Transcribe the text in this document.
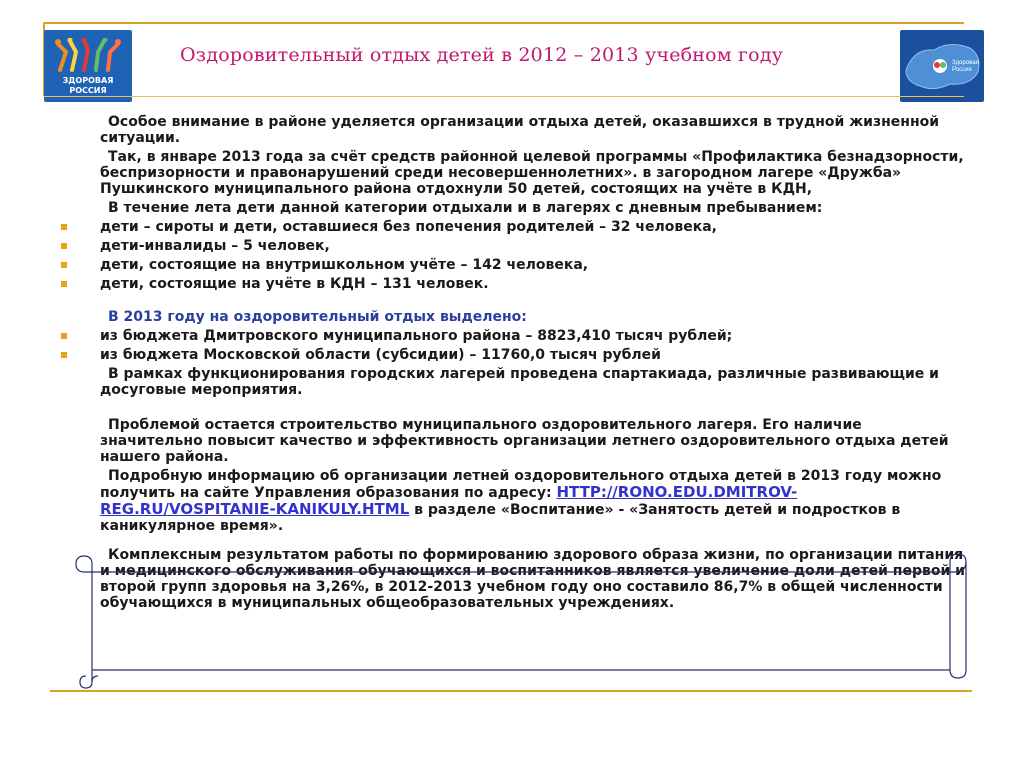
ЗДОРОВАЯ
РОССИЯ
Здоровая
Россия
Оздоровительный отдых детей в 2012 – 2013 учебном году

Особое внимание в районе уделяется организации отдыха детей, оказавшихся в трудной жизненной ситуации.

Так, в январе 2013 года за счёт средств районной целевой программы «Профилактика безнадзорности, беспризорности и правонарушений среди несовершеннолетних». в загородном лагере «Дружба» Пушкинского муниципального района отдохнули 50 детей, состоящих на учёте в КДН,

В течение лета дети данной категории отдыхали и в лагерях с дневным пребыванием:

дети – сироты и дети, оставшиеся без попечения родителей – 32 человека,
дети-инвалиды – 5 человек,
дети, состоящие на внутришкольном учёте – 142 человека,
дети, состоящие на учёте в КДН – 131 человек.

В 2013 году на оздоровительный отдых выделено:

из бюджета Дмитровского муниципального района – 8823,410 тысяч рублей;
из бюджета Московской области (субсидии) – 11760,0 тысяч рублей

В рамках функционирования городских лагерей проведена спартакиада, различные развивающие и досуговые мероприятия.

Проблемой остается строительство муниципального оздоровительного лагеря. Его наличие значительно повысит качество и эффективность организации летнего оздоровительного отдыха детей нашего района.

Подробную информацию об организации летней оздоровительного отдыха детей в 2013 году можно получить на сайте Управления образования по адресу: HTTP://RONO.EDU.DMITROV-REG.RU/VOSPITANIE-KANIKULY.HTML в разделе «Воспитание» - «Занятость детей и подростков в каникулярное время».

Комплексным результатом работы по формированию здорового образа жизни, по организации питания и медицинского обслуживания обучающихся и воспитанников является увеличение доли детей первой и второй групп здоровья на 3,26%, в 2012-2013 учебном году оно составило 86,7% в общей численности обучающихся в муниципальных общеобразовательных учреждениях.
